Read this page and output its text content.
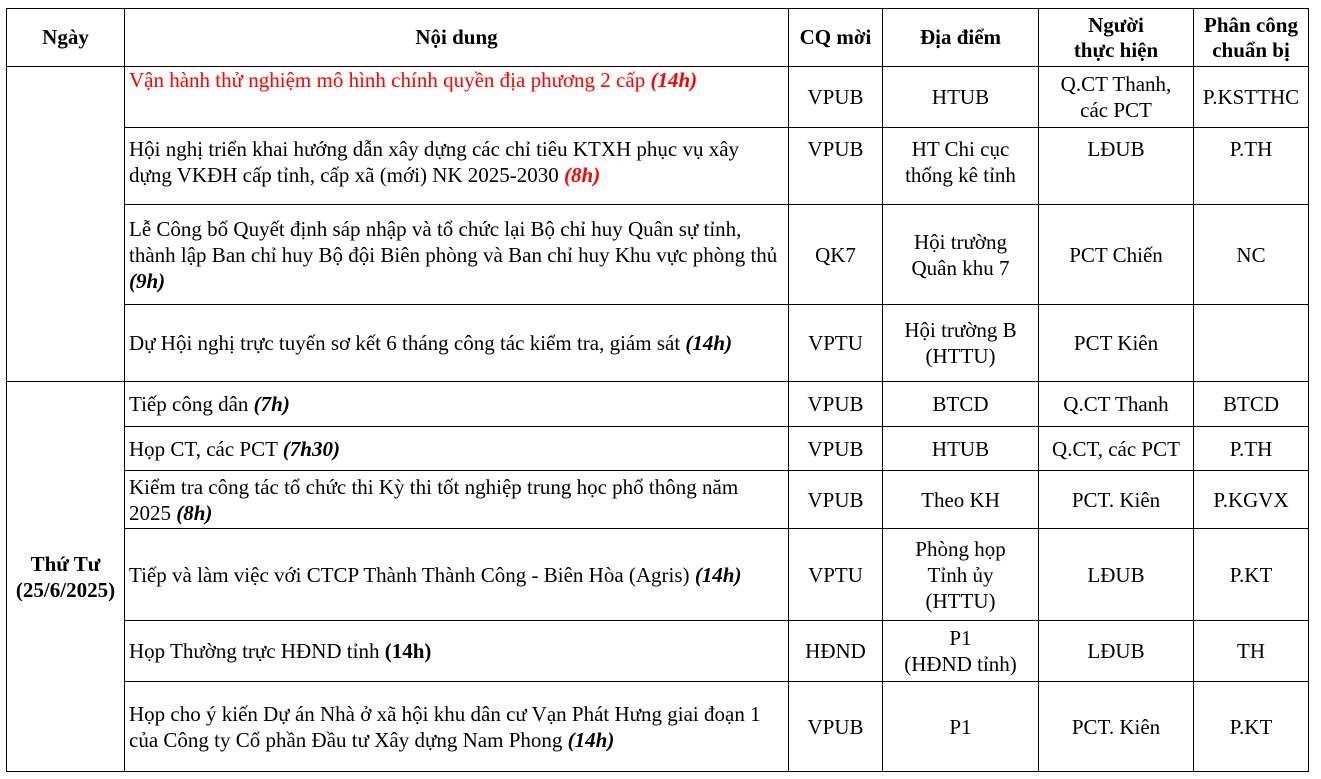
Ngày	Nội dung	CQ mời	Địa điểm	Người
thực hiện	Phân công
chuẩn bị

	Vận hành thử nghiệm mô hình chính quyền địa phương 2 cấp (14h)	VPUB	HTUB	Q.CT Thanh,
các PCT	P.KSTTHC
	Hội nghị triển khai hướng dẫn xây dựng các chỉ tiêu KTXH phục vụ xây dựng VKĐH cấp tỉnh, cấp xã (mới) NK 2025-2030 (8h)	VPUB	HT Chi cục
thống kê tỉnh	LĐUB	P.TH
	Lễ Công bố Quyết định sáp nhập và tổ chức lại Bộ chỉ huy Quân sự tỉnh, thành lập Ban chỉ huy Bộ đội Biên phòng và Ban chỉ huy Khu vực phòng thủ (9h)	QK7	Hội trường
Quân khu 7	PCT Chiến	NC
	Dự Hội nghị trực tuyến sơ kết 6 tháng công tác kiểm tra, giám sát (14h)	VPTU	Hội trường B
(HTTU)	PCT Kiên	

Thứ Tư
(25/6/2025)	Tiếp công dân (7h)	VPUB	BTCD	Q.CT Thanh	BTCD
	Họp CT, các PCT (7h30)	VPUB	HTUB	Q.CT, các PCT	P.TH
	Kiểm tra công tác tổ chức thi Kỳ thi tốt nghiệp trung học phổ thông năm 2025 (8h)	VPUB	Theo KH	PCT. Kiên	P.KGVX
	Tiếp và làm việc với CTCP Thành Thành Công - Biên Hòa (Agris) (14h)	VPTU	Phòng họp
Tỉnh ủy
(HTTU)	LĐUB	P.KT
	Họp Thường trực HĐND tỉnh (14h)	HĐND	P1
(HĐND tỉnh)	LĐUB	TH
	Họp cho ý kiến Dự án Nhà ở xã hội khu dân cư Vạn Phát Hưng giai đoạn 1 của Công ty Cổ phần Đầu tư Xây dựng Nam Phong (14h)	VPUB	P1	PCT. Kiên	P.KT
